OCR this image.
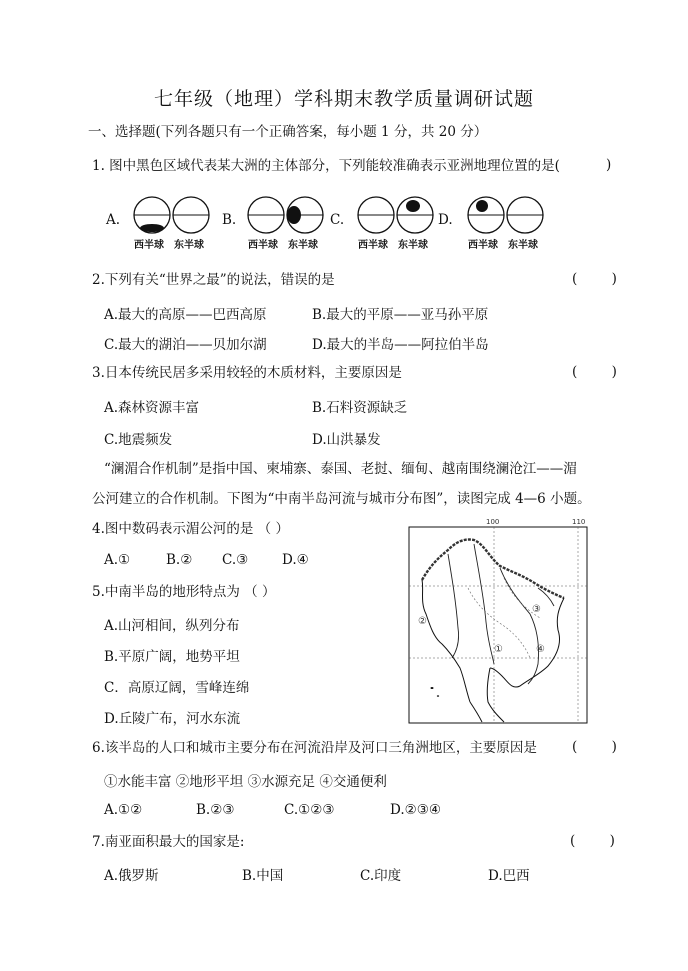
七年级（地理）学科期末教学质量调研试题
一、选择题(下列各题只有一个正确答案，每小题 1 分，共 20 分）
1. 图中黑色区域代表某大洲的主体部分，下列能较准确表示亚洲地理位置的是(	)
A.	B.	C.	D.
西半球 东半球	西半球 东半球	西半球 东半球	西半球 东半球
2.下列有关“世界之最”的说法，错误的是	(        )
A.最大的高原——巴西高原	B.最大的平原——亚马孙平原
C.最大的湖泊——贝加尔湖	D.最大的半岛——阿拉伯半岛
3.日本传统民居多采用较轻的木质材料，主要原因是	(        )
A.森林资源丰富	B.石料资源缺乏
C.地震频发	D.山洪暴发
“澜湄合作机制”是指中国、柬埔寨、泰国、老挝、缅甸、越南围绕澜沧江——湄
公河建立的合作机制。下图为“中南半岛河流与城市分布图”，读图完成 4—6 小题。
4.图中数码表示湄公河的是 （ ）
A.①	B.② C.③	D.④
5.中南半岛的地形特点为 （ ）
A.山河相间，纵列分布
B.平原广阔，地势平坦
C．高原辽阔，雪峰连绵
D.丘陵广布，河水东流
100	110
②
①
③
④
6.该半岛的人口和城市主要分布在河流沿岸及河口三角洲地区，主要原因是	(        )
①水能丰富 ②地形平坦 ③水源充足 ④交通便利
A.①②	B.②③	C.①②③	D.②③④
7.南亚面积最大的国家是:	(        )
A.俄罗斯	B.中国	C.印度	D.巴西
